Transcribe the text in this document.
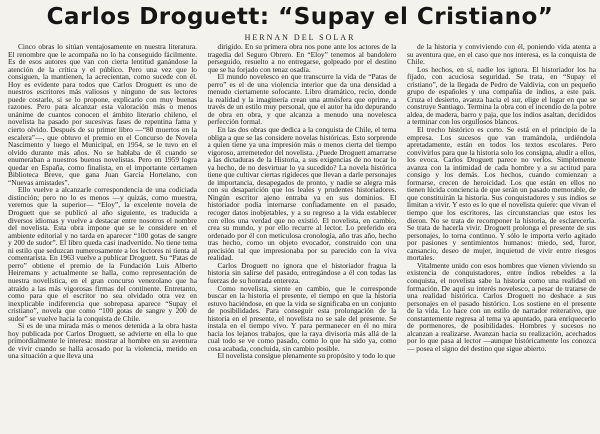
Carlos Droguett: “Supay el Cristiano”
HERNAN DEL SOLAR

Cinco obras lo sitúan ventajosamente en nuestra literatura. El renombre que le acompaña no lo ha conseguido fácilmente. Es de esos autores que van con cierta lentitud ganándose la atención de la crítica y el público. Pero una vez que lo consiguen, la mantienen, la acrecientan, como sucede con él. Hoy es evidente para todos que Carlos Droguett es uno de nuestros escritores más valiosos y ninguno de sus lectores puede costarle, si se lo propone, explicarlo con muy buenas razones. Pero para alcanzar esta valoración más o menos unánime de cuantos conocen el ámbito literario chileno, el novelista ha pasado por sucesivas fases de repentina fama y cierto olvido. Después de su primer libro —“80 muertos en la escalera”—, que obtuvo el premio en el Concurso de Novela Nascimento y luego el Municipal, en 1954, se le tuvo en el olvido durante más años. No se hablaba de él cuando se enumeraban a nuestros buenos novelistas. Pero en 1959 logra quedar en España, como finalista, en el importante certamen Biblioteca Breve, que gana Juan García Hortelano, con “Nuevas amistades”.

Ello vuelve a alcanzarle correspondencia de una codiciada distinción; pero no lo es menos —y quizás, como muestra, veremos que la superior— “Eloy”, la excelente novela de Droguett que se publicó al año siguiente, es traducida a diversos idiomas y vuelve a destacar entre nosotros el nombre del novelista. Esta obra impone que se le considere en el ambiente editorial y no tarda en aparecer “100 gotas de sangre y 200 de sudor”. El libro queda casi inadvertido. No tiene tema ni estilo que seduzcan numerosamente a los lectores ni tienta al comentarista. En 1963 vuelve a publicar Droguett. Su “Patas de perro” obtiene el premio de la Fundación Luis Alberto Heiremans y actualmente se halla, como representación de nuestra novelística, en el gran concurso venezolano que ha atraído a las más vigorosas firmas del continente. Entretanto, como para que el escritor no sea olvidado otra vez en inexplicable indiferencia que sobrepasa aparece “Supay el cristiano”, novela que como “100 gotas de sangre y 200 de sudor” se vuelve hacia la conquista de Chile.

Si es de una mirada más o menos detenida a la obra hasta hoy publicada por Carlos Droguett, se advierte en ella lo que primordialmente le interesa: mostrar al hombre en su aventura de vivir cuando se halla acosado por la violencia, metido en una situación a que lleva una

dirigido. En su primera obra nos pone ante los actores de la tragedia del Seguro Obrero. En “Eloy” tenemos al bandolero perseguido, resuelto a no entregarse, golpeado por el destino que se ha forjado con tenaz osadía.

El mundo novelesco en que transcurre la vida de “Patas de perro” es el de una violencia interior que da una densidad a menudo ciertamente sofocante. Libro dramático, recio, donde la realidad y la imaginería crean una atmósfera que oprime, a través de un estilo muy personal, que el autor ha ido depurando de obra en obra, y que alcanza a menudo una novelesca perfección formal.

En las dos obras que dedica a la conquista de Chile, el tema obliga a que se las considere novelas históricas. Esto sorprende a quien tiene ya una impresión más o menos cierta del tiempo vigoroso, arremetedor del novelista. ¿Puede Droguett amarrarse a las dictaduras de la Historia, a sus exigencias de no tocar lo ya hecho, de no desvirtuar lo ya sucedido? La novela histórica tiene que cultivar ciertas rigideces que llevan a darle personajes de importancia, desapegados de pronto, y nadie se alegra más con su desaparición que los leales y prudentes historiadores. Ningún escritor ajeno entraba ya en sus dominios. El historiador podía internarse confiadamente en el pasado, recoger datos inobjetables, y a su regreso a la vida establecer con ellos una verdad que no existió. El novelista, en cambio, crea su mundo, y por ello recurre al lector. Lo preferido era ordenado por él con meticulosa cronología, año tras año, hecho tras hecho, como un objeto evocador, construido con una precisión tal que impresionaba por su parecido con la viva realidad.

Carlos Droguett no ignora que el historiador fragua la historia sin salirse del pasado, entregándose a él con todas las fuerzas de su honrada entereza.

Como novelista, siente en cambio, que le corresponde buscar en la historia el presente, el tiempo en que la historia estuvo haciéndose, en que la vida se significaba en un conjunto de posibilidades. Para conseguir esta prolongación de la historia en el presente, el novelista no se sale del presente. Se instala en el tiempo vivo. Y para permanecer en él no mira hacia los lejanos trabajos, que la raya divisoria más allá de la cual todo se ve como pasado, como lo que ha sido ya, como cosa acabada, concluida, sin cambio posible.

El novelista consigue plenamente su propósito y todo lo que

de la historia y conviviendo con él, poniendo vida atenta a su aventura que, en el caso que nos interesa, es la conquista de Chile.

Los hechos, en sí, nadie los ignora. El historiador los ha fijado, con acuciosa seguridad. Se trata, en “Supay el cristiano”, de la llegada de Pedro de Valdivia, con un pequeño grupo de españoles y una compañía de indios, a este país. Cruza el desierto, avanza hacia el sur, elige el lugar en que se construye Santiago. Termina la obra con el incendio de la pobre aldea, de madera, barro y paja, que los indios asaltan, decididos a terminar con los orgullosos blancos.

El trecho histórico es corto. Se está en el principio de la empresa. Los sucesos que van tramándola, urdiéndola apretadamente, están en todos los textos escolares. Pero convivirlos para que la historia solo los consigna, aludir a ellos, los evoca. Carlos Droguett parece no verlos. Simplemente avanza con la intimidad de cada hombre y a su actitud para consigo y los demás. Los hechos, cuando comienzan a formarse, crecen de heroicidad. Los que están en ellos no tienen lúcida conciencia de que serán un pasado memorable, de que constituirán la historia. Sus conquistadores y sus indios se limitan a vivir. Y esto es lo que el novelista quiere: que vivan el tiempo que los escritores, las circunstancias que estos les dieron. No se trata de recomponer la historia, de esclarecerla. Se trata de hacerla vivir. Droguett prolonga el presente de sus personajes, lo torna continuo. Y sólo le importa verlo agitado por pasiones y sentimientos humanos: miedo, sed, furor, cansancio, deseo de mujer, inquietud de vivir entre riesgos mortales.

Vitalmente unido con esos hombres que vienen viviendo su existencia de conquistadores, entre indios rebeldes a la conquista, el novelista sabe la historia como una realidad en formación. De aquí su interés novelesco, a pesar de tratarse de una realidad histórica. Carlos Droguett no deshace a sus personajes en el pasado histórico. Los sostiene en el presente de la vida. Lo hace con un estilo de narrador reiterativo, que constantemente regresa al tema ya apuntado, para enriquecerlo de pormenores, de posibilidades. Hombres y sucesos no alcanzan a realizarse. Avanzan hacia su realización, acechados por lo que pasa al lector —aunque históricamente los conozca— posea el signo del destino que sigue abierto.
